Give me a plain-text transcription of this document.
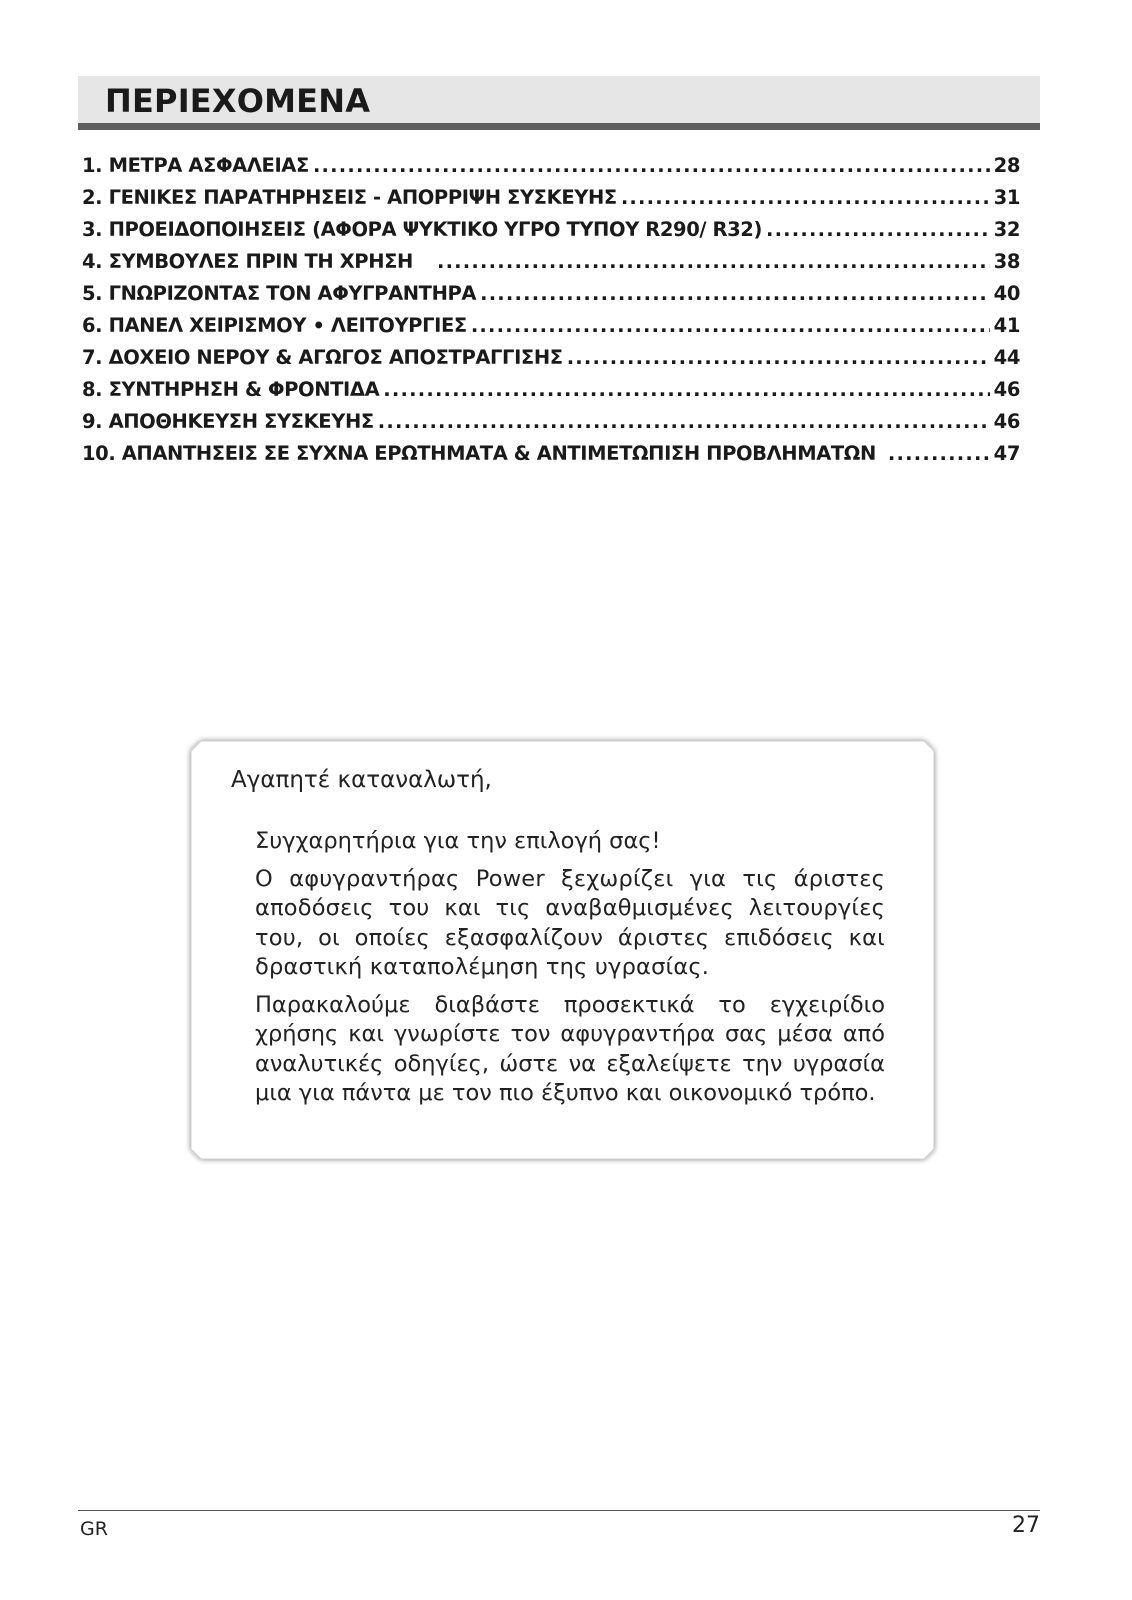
ΠΕΡΙΕΧΟΜΕΝΑ
1. ΜΕΤΡΑ ΑΣΦΑΛΕΙΑΣ .....	28
2. ΓΕΝΙΚΕΣ ΠΑΡΑΤΗΡΗΣΕΙΣ - ΑΠΟΡΡΙΨΗ ΣΥΣΚΕΥΗΣ .....	31
3. ΠΡΟΕΙΔΟΠΟΙΗΣΕΙΣ (ΑΦΟΡΑ ΨΥΚΤΙΚΟ ΥΓΡΟ ΤΥΠΟΥ R290/ R32) .....	32
4. ΣΥΜΒΟΥΛΕΣ ΠΡΙΝ ΤΗ ΧΡΗΣΗ .....	38
5. ΓΝΩΡΙΖΟΝΤΑΣ ΤΟΝ ΑΦΥΓΡΑΝΤΗΡΑ .....	40
6. ΠΑΝΕΛ ΧΕΙΡΙΣΜΟΥ • ΛΕΙΤΟΥΡΓΙΕΣ .....	41
7. ΔΟΧΕΙΟ ΝΕΡΟΥ & ΑΓΩΓΟΣ ΑΠΟΣΤΡΑΓΓΙΣΗΣ .....	44
8. ΣΥΝΤΗΡΗΣΗ & ΦΡΟΝΤΙΔΑ .....	46
9. ΑΠΟΘΗΚΕΥΣΗ ΣΥΣΚΕΥΗΣ .....	46
10. ΑΠΑΝΤΗΣΕΙΣ ΣΕ ΣΥΧΝΑ ΕΡΩΤΗΜΑΤΑ & ΑΝΤΙΜΕΤΩΠΙΣΗ ΠΡΟΒΛΗΜΑΤΩΝ .....	47
Αγαπητέ καταναλωτή,

Συγχαρητήρια για την επιλογή σας!

Ο αφυγραντήρας Power ξεχωρίζει για τις άριστες αποδόσεις του και τις αναβαθμισμένες λειτουργίες του, οι οποίες εξασφαλίζουν άριστες επιδόσεις και δραστική καταπολέμηση της υγρασίας.

Παρακαλούμε διαβάστε προσεκτικά το εγχειρίδιο χρήσης και γνωρίστε τον αφυγραντήρα σας μέσα από αναλυτικές οδηγίες, ώστε να εξαλείψετε την υγρασία μια για πάντα με τον πιο έξυπνο και οικονομικό τρόπο.

GR	27
